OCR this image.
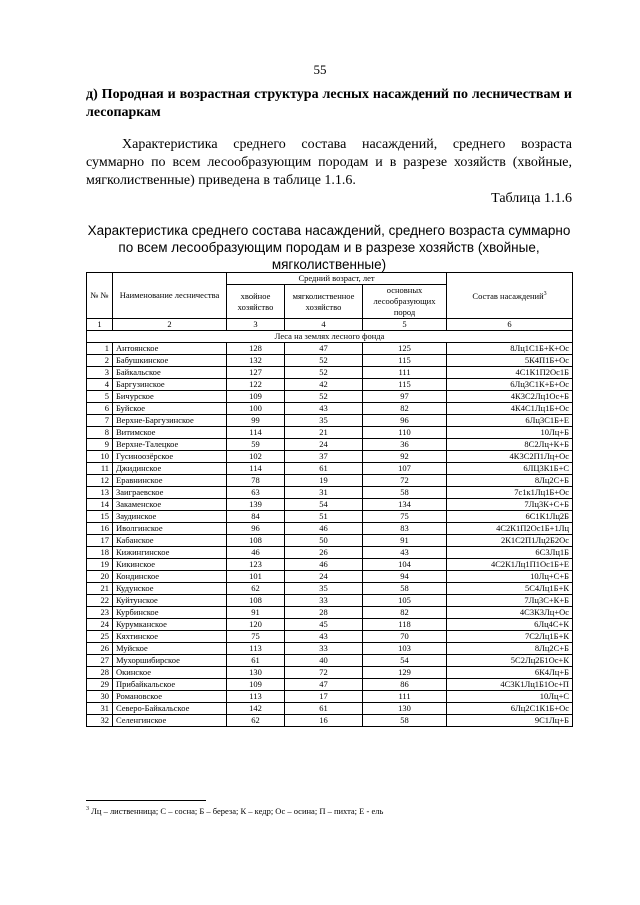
55
д) Породная и возрастная структура лесных насаждений по лесничествам и лесопаркам
Характеристика среднего состава насаждений, среднего возраста суммарно по всем лесообразующим породам и в разрезе хозяйств (хвойные, мягколиственные) приведена в таблице 1.1.6.
Таблица 1.1.6
Характеристика среднего состава насаждений, среднего возраста суммарно по всем лесообразующим породам и в разрезе хозяйств (хвойные, мягколиственные)
№ №	Наименование лесничества	Средний возраст, лет			Состав насаждений$^3$
		хвойное хозяйство	мягколиственное хозяйство	основных лесообразующих пород	
1	2	3	4	5	6
Леса на землях лесного фонда					
1	Антоянское	128	47	125	8Лц1С1Б+К+Ос
2	Бабушкинское	132	52	115	5К4П1Б+Ос
3	Байкальское	127	52	111	4С1К1П2Ос1Б
4	Баргузинское	122	42	115	6Лц3С1К+Б+Ос
5	Бичурское	109	52	97	4К3С2Лц1Ос+Б
6	Буйское	100	43	82	4К4С1Лц1Б+Ос
7	Верхне-Баргузинское	99	35	96	6Лц3С1Б+Е
8	Витимское	114	21	110	10Лц+Б
9	Верхне-Талецкое	59	24	36	8С2Лц+К+Б
10	Гусиноозёрское	102	37	92	4К3С2П1Лц+Ос
11	Джидинское	114	61	107	6ЛЦ3К1Б+С
12	Еравнинское	78	19	72	8Лц2С+Б
13	Заиграевское	63	31	58	7с1к1Лц1Б+Ос
14	Закаменское	139	54	134	7Лц3К+С+Б
15	Заудинское	84	51	75	6С1К1Лц2Б
16	Иволгинское	96	46	83	4С2К1П2Ос1Б+1Лц
17	Кабанское	108	50	91	2К1С2П1Лц2Б2Ос
18	Кижингинское	46	26	43	6С3Лц1Б
19	Кикинское	123	46	104	4С2К1Лц1П1Ос1Б+Е
20	Кондинское	101	24	94	10Лц+С+Б
21	Кудунское	62	35	58	5С4Лц1Б+К
22	Куйтунское	108	33	105	7Лц3С+К+Б
23	Курбинское	91	28	82	4С3К3Лц+Ос
24	Курумканское	120	45	118	6Лц4С+К
25	Кяхтинское	75	43	70	7С2Лц1Б+К
26	Муйское	113	33	103	8Лц2С+Б
27	Мухоршибирское	61	40	54	5С2Лц2Б1Ос+К
28	Окинское	130	72	129	6К4Лц+Б
29	Прибайкальское	109	47	86	4С3К1Лц1Б1Ос+П
30	Романовское	113	17	111	10Лц+С
31	Северо-Байкальское	142	61	130	6Лц2С1К1Б+Ос
32	Селенгинское	62	16	58	9С1Лц+Б
$^3$ Лц – лиственница; С – сосна; Б – береза; К – кедр; Ос – осина; П – пихта; Е - ель
